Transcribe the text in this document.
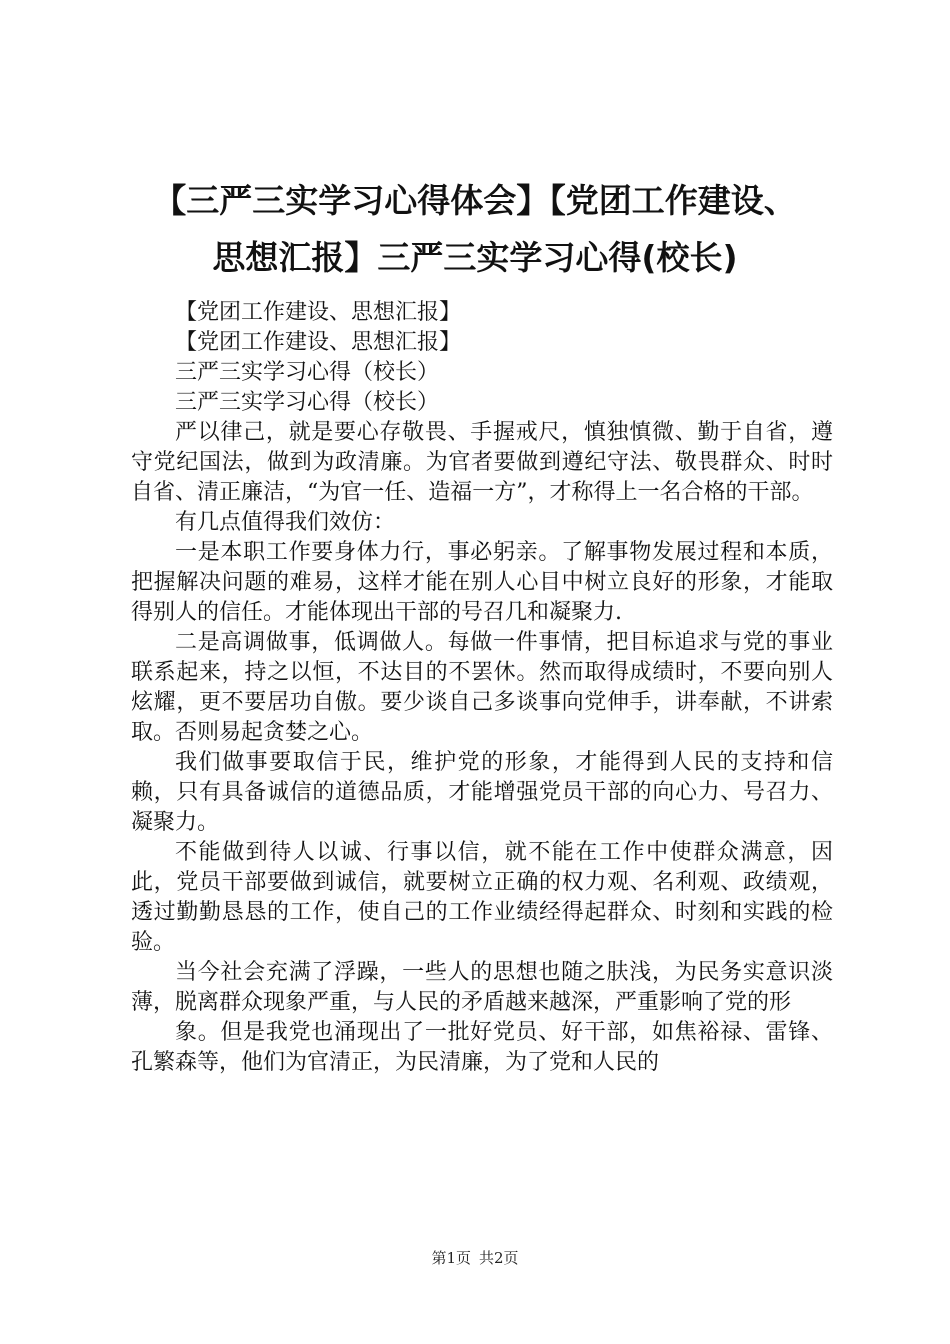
【三严三实学习心得体会】【党团工作建设、
思想汇报】三严三实学习心得(校长)

【党团工作建设、思想汇报】

【党团工作建设、思想汇报】

三严三实学习心得（校长）

三严三实学习心得（校长）

严以律己，就是要心存敬畏、手握戒尺，慎独慎微、勤于自省，遵守党纪国法，做到为政清廉。为官者要做到遵纪守法、敬畏群众、时时自省、清正廉洁，“为官一任、造福一方”，才称得上一名合格的干部。

有几点值得我们效仿：

一是本职工作要身体力行，事必躬亲。了解事物发展过程和本质，把握解决问题的难易，这样才能在别人心目中树立良好的形象，才能取得别人的信任。才能体现出干部的号召几和凝聚力.

二是高调做事，低调做人。每做一件事情，把目标追求与党的事业联系起来，持之以恒，不达目的不罢休。然而取得成绩时，不要向别人炫耀，更不要居功自傲。要少谈自己多谈事向党伸手，讲奉献，不讲索取。否则易起贪婪之心。

我们做事要取信于民，维护党的形象，才能得到人民的支持和信赖，只有具备诚信的道德品质，才能增强党员干部的向心力、号召力、凝聚力。

不能做到待人以诚、行事以信，就不能在工作中使群众满意，因此，党员干部要做到诚信，就要树立正确的权力观、名利观、政绩观，透过勤勤恳恳的工作，使自己的工作业绩经得起群众、时刻和实践的检验。

当今社会充满了浮躁，一些人的思想也随之肤浅，为民务实意识淡薄，脱离群众现象严重，与人民的矛盾越来越深，严重影响了党的形

象。但是我党也涌现出了一批好党员、好干部，如焦裕禄、雷锋、孔繁森等，他们为官清正，为民清廉，为了党和人民的

第1页 共2页
